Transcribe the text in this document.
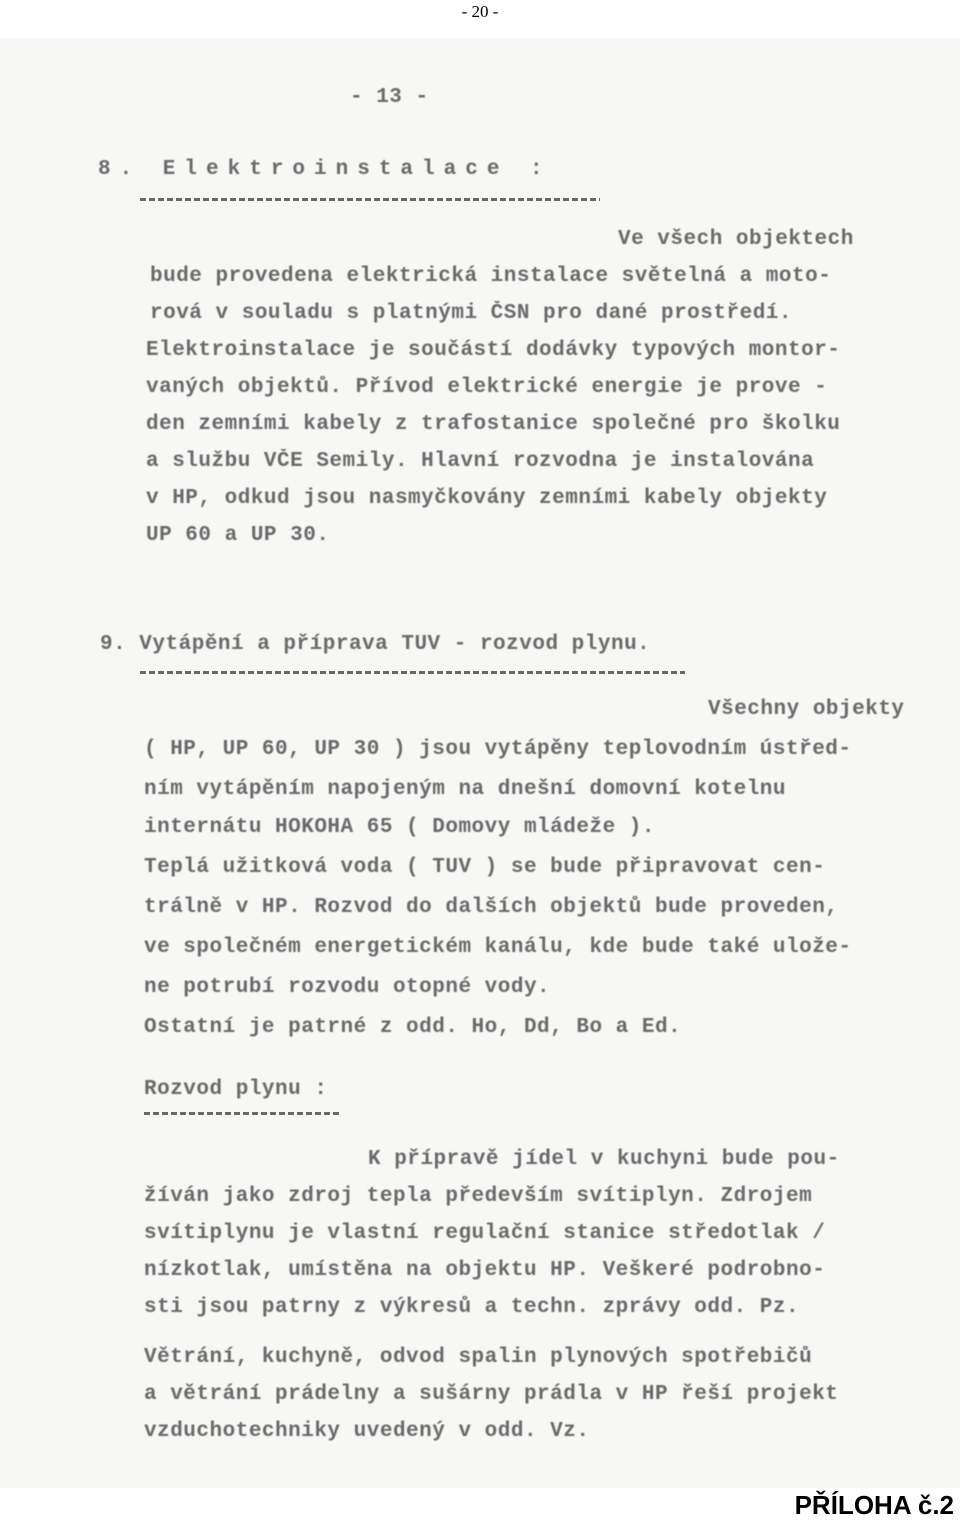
- 20 -
- 13 -
8. Elektroinstalace :
Ve všech objektech
bude provedena elektrická instalace světelná a moto-
rová v souladu s platnými ČSN pro dané prostředí.
Elektroinstalace je součástí dodávky typových montor-
vaných objektů. Přívod elektrické energie je prove -
den zemními kabely z trafostanice společné pro školku
a službu VČE Semily. Hlavní rozvodna je instalována
v HP, odkud jsou nasmyčkovány zemními kabely objekty
UP 60 a UP 30.
9. Vytápění a příprava TUV - rozvod plynu.
Všechny objekty
( HP, UP 60, UP 30 ) jsou vytápěny teplovodním ústřed-
ním vytápěním napojeným na dnešní domovní kotelnu
internátu HOKOHA 65 ( Domovy mládeže ).
Teplá užitková voda ( TUV ) se bude připravovat cen-
trálně v HP. Rozvod do dalších objektů bude proveden,
ve společném energetickém kanálu, kde bude také ulože-
ne potrubí rozvodu otopné vody.
Ostatní je patrné z odd. Ho, Dd, Bo a Ed.
Rozvod plynu :
K přípravě jídel v kuchyni bude pou-
žíván jako zdroj tepla především svítiplyn. Zdrojem
svítiplynu je vlastní regulační stanice středotlak /
nízkotlak, umístěna na objektu HP. Veškeré podrobno-
sti jsou patrny z výkresů a techn. zprávy odd. Pz.
Větrání, kuchyně, odvod spalin plynových spotřebičů
a větrání prádelny a sušárny prádla v HP řeší projekt
vzduchotechniky uvedený v odd. Vz.
PŘÍLOHA č.2
